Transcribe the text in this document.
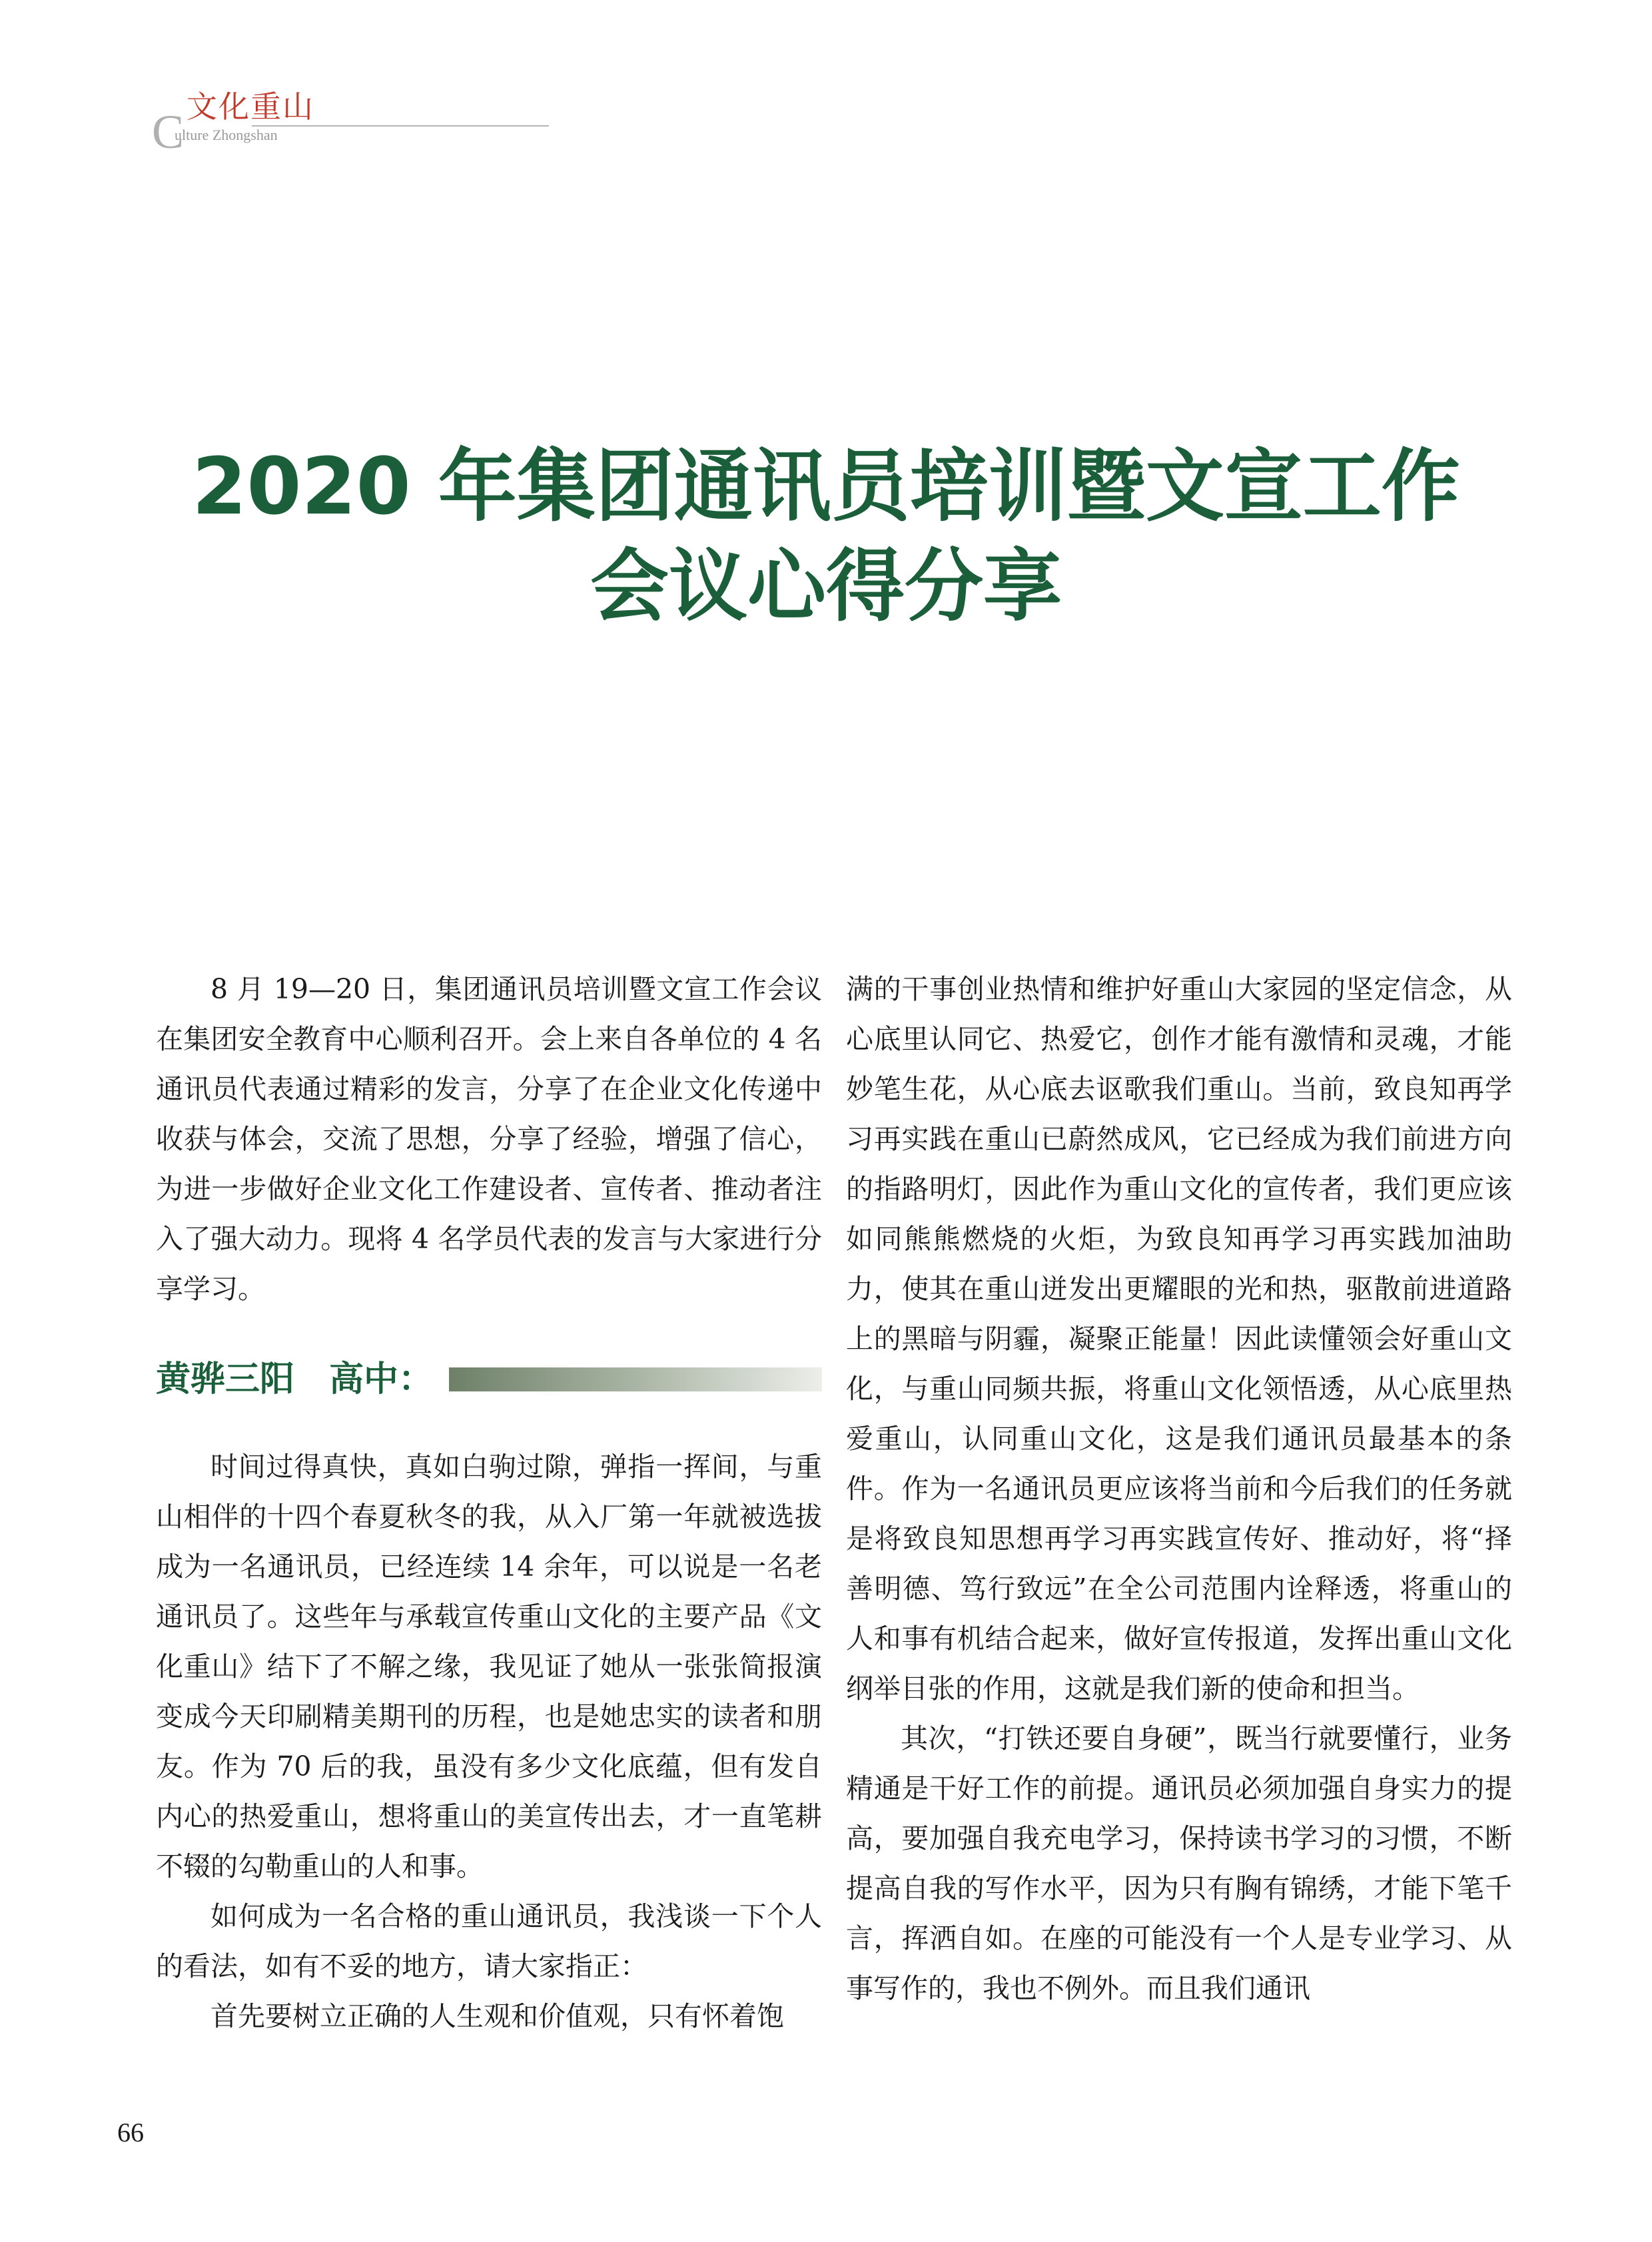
文化重山
C
ulture Zhongshan
2020 年集团通讯员培训暨文宣工作
会议心得分享

8 月 19—20 日，集团通讯员培训暨文宣工作会议在集团安全教育中心顺利召开。会上来自各单位的 4 名通讯员代表通过精彩的发言，分享了在企业文化传递中收获与体会，交流了思想，分享了经验，增强了信心，为进一步做好企业文化工作建设者、宣传者、推动者注入了强大动力。现将 4 名学员代表的发言与大家进行分享学习。

黄骅三阳　高中：

时间过得真快，真如白驹过隙，弹指一挥间，与重山相伴的十四个春夏秋冬的我，从入厂第一年就被选拔成为一名通讯员，已经连续 14 余年，可以说是一名老通讯员了。这些年与承载宣传重山文化的主要产品《文化重山》结下了不解之缘，我见证了她从一张张简报演变成今天印刷精美期刊的历程，也是她忠实的读者和朋友。作为 70 后的我，虽没有多少文化底蕴，但有发自内心的热爱重山，想将重山的美宣传出去，才一直笔耕不辍的勾勒重山的人和事。

如何成为一名合格的重山通讯员，我浅谈一下个人的看法，如有不妥的地方，请大家指正：

首先要树立正确的人生观和价值观，只有怀着饱

满的干事创业热情和维护好重山大家园的坚定信念，从心底里认同它、热爱它，创作才能有激情和灵魂，才能妙笔生花，从心底去讴歌我们重山。当前，致良知再学习再实践在重山已蔚然成风，它已经成为我们前进方向的指路明灯，因此作为重山文化的宣传者，我们更应该如同熊熊燃烧的火炬，为致良知再学习再实践加油助力，使其在重山迸发出更耀眼的光和热，驱散前进道路上的黑暗与阴霾，凝聚正能量！因此读懂领会好重山文化，与重山同频共振，将重山文化领悟透，从心底里热爱重山，认同重山文化，这是我们通讯员最基本的条件。作为一名通讯员更应该将当前和今后我们的任务就是将致良知思想再学习再实践宣传好、推动好，将“择善明德、笃行致远”在全公司范围内诠释透，将重山的人和事有机结合起来，做好宣传报道，发挥出重山文化纲举目张的作用，这就是我们新的使命和担当。

其次，“打铁还要自身硬”，既当行就要懂行，业务精通是干好工作的前提。通讯员必须加强自身实力的提高，要加强自我充电学习，保持读书学习的习惯，不断提高自我的写作水平，因为只有胸有锦绣，才能下笔千言，挥洒自如。在座的可能没有一个人是专业学习、从事写作的，我也不例外。而且我们通讯

66
